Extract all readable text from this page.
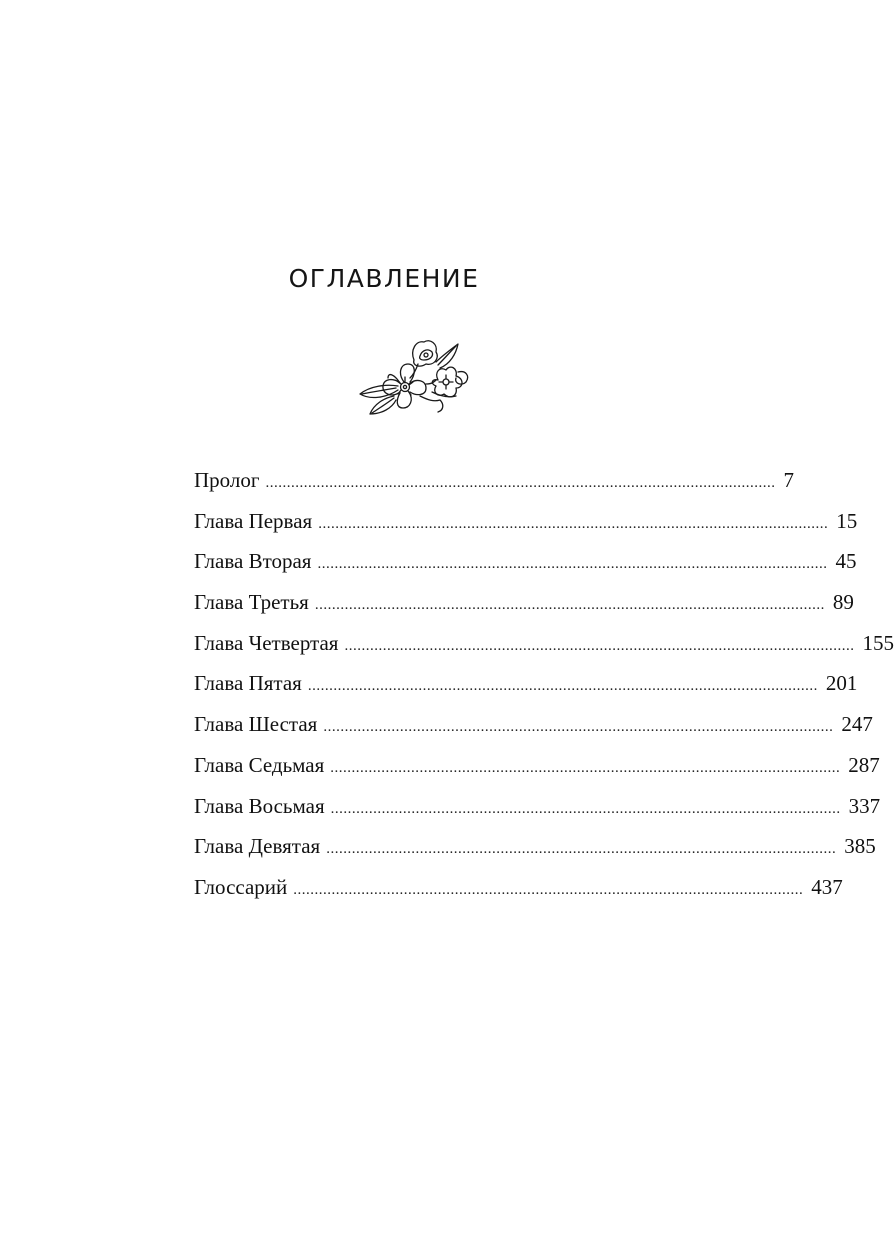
ОГЛАВЛЕНИЕ
Пролог ........................................................................................................................ 7
Глава Первая ........................................................................................................................ 15
Глава Вторая ........................................................................................................................ 45
Глава Третья ........................................................................................................................ 89
Глава Четвертая ........................................................................................................................ 155
Глава Пятая ........................................................................................................................ 201
Глава Шестая ........................................................................................................................ 247
Глава Седьмая ........................................................................................................................ 287
Глава Восьмая ........................................................................................................................ 337
Глава Девятая ........................................................................................................................ 385
Глоссарий ........................................................................................................................ 437
